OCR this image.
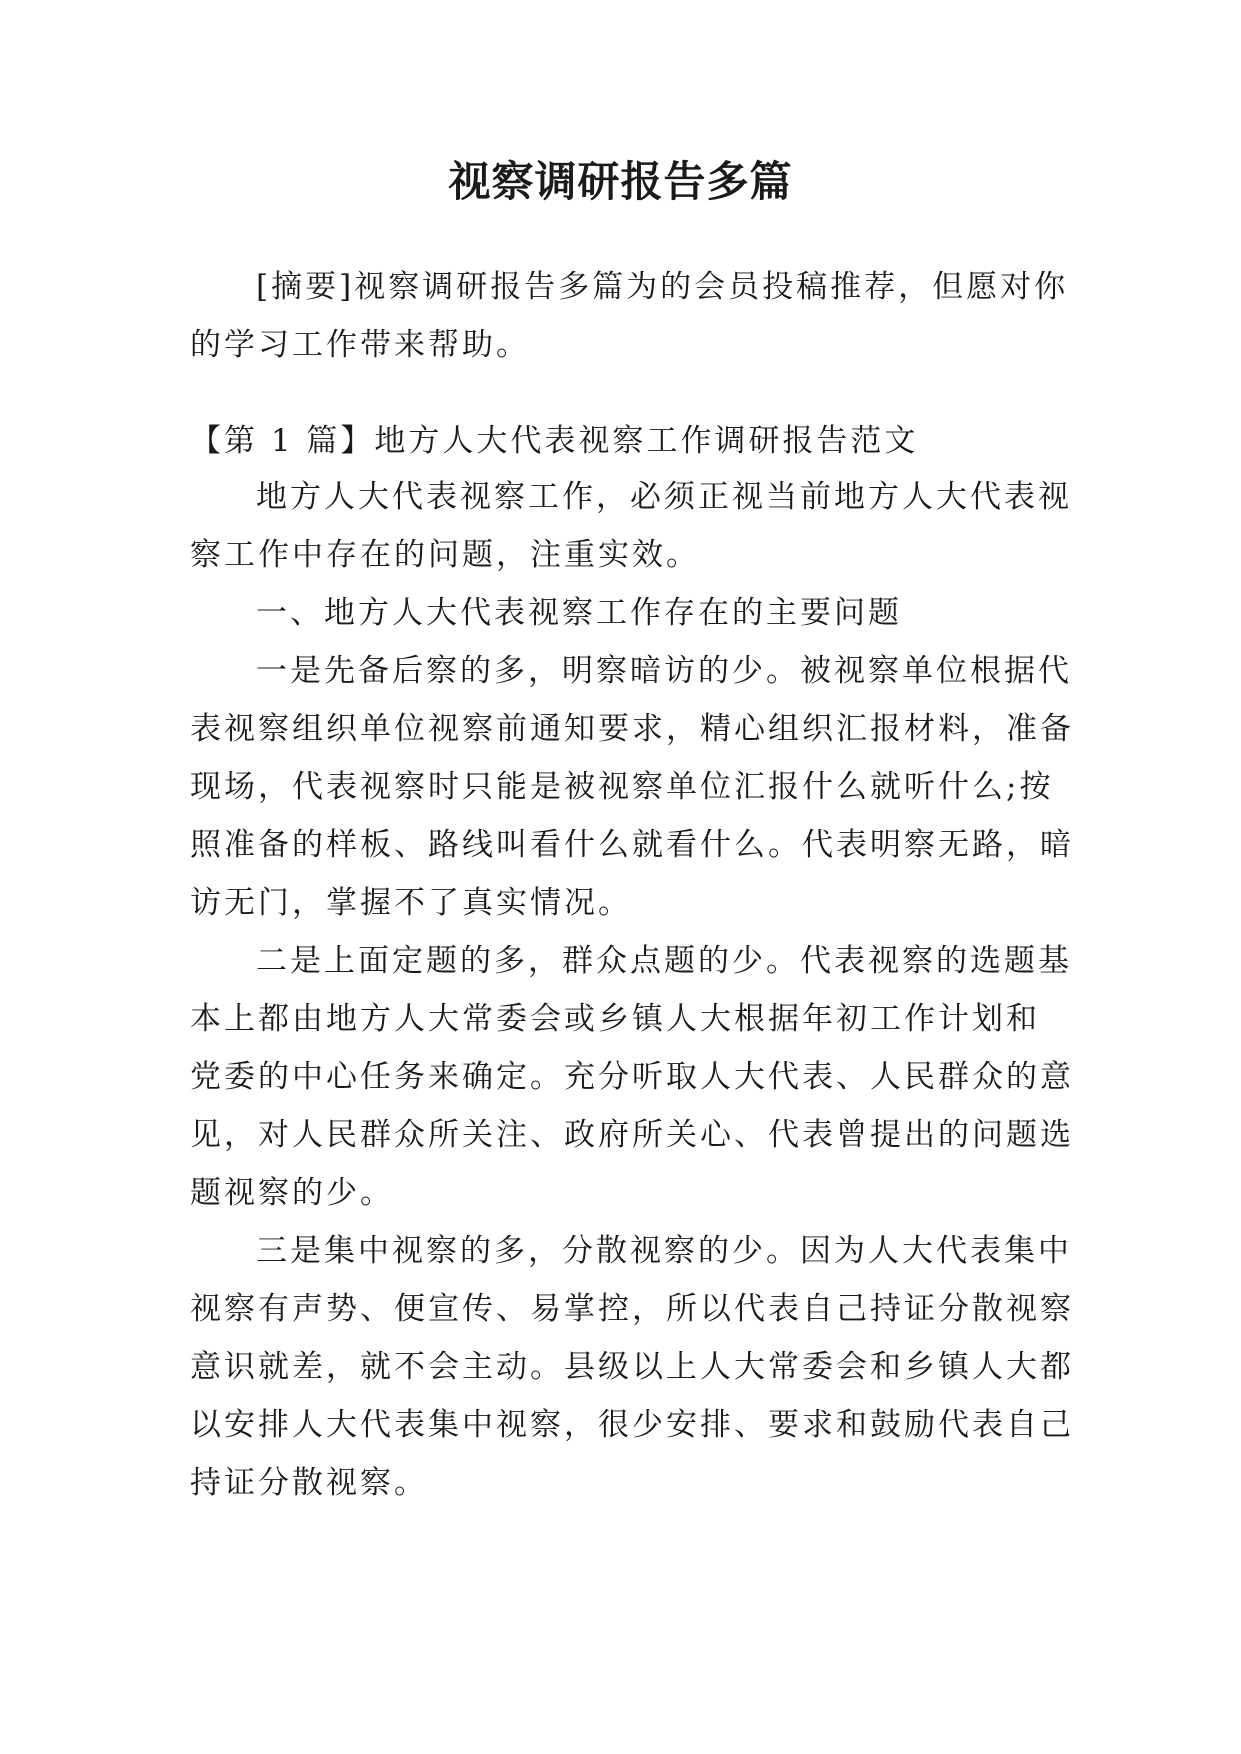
视察调研报告多篇
[摘要]视察调研报告多篇为的会员投稿推荐，但愿对你
的学习工作带来帮助。
【第 1 篇】地方人大代表视察工作调研报告范文
地方人大代表视察工作，必须正视当前地方人大代表视
察工作中存在的问题，注重实效。
一、地方人大代表视察工作存在的主要问题
一是先备后察的多，明察暗访的少。被视察单位根据代
表视察组织单位视察前通知要求，精心组织汇报材料，准备
现场，代表视察时只能是被视察单位汇报什么就听什么;按
照准备的样板、路线叫看什么就看什么。代表明察无路，暗
访无门，掌握不了真实情况。
二是上面定题的多，群众点题的少。代表视察的选题基
本上都由地方人大常委会或乡镇人大根据年初工作计划和
党委的中心任务来确定。充分听取人大代表、人民群众的意
见，对人民群众所关注、政府所关心、代表曾提出的问题选
题视察的少。
三是集中视察的多，分散视察的少。因为人大代表集中
视察有声势、便宣传、易掌控，所以代表自己持证分散视察
意识就差，就不会主动。县级以上人大常委会和乡镇人大都
以安排人大代表集中视察，很少安排、要求和鼓励代表自己
持证分散视察。
